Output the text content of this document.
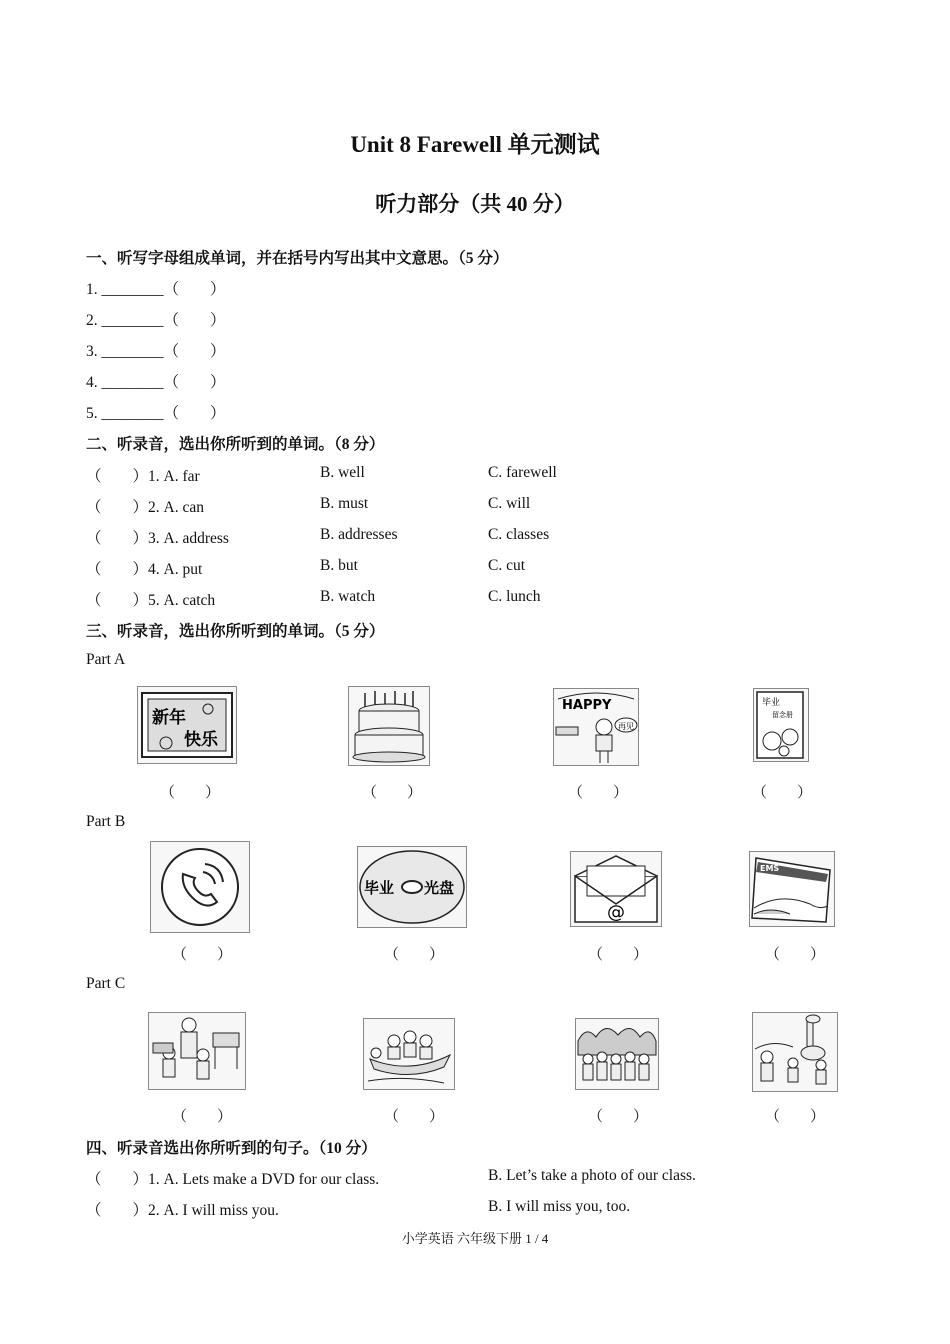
Unit 8 Farewell 单元测试
听力部分（共 40 分）
一、听写字母组成单词，并在括号内写出其中文意思。（5 分）
1. ________（　　）
2. ________（　　）
3. ________（　　）
4. ________（　　）
5. ________（　　）
二、听录音，选出你所听到的单词。（8 分）
（　　）1. A. far	B. well	C. farewell
（　　）2. A. can	B. must	C. will
（　　）3. A. address	B. addresses	C. classes
（　　）4. A. put	B. but	C. cut
（　　）5. A. catch	B. watch	C. lunch
三、听录音，选出你所听到的单词。（5 分）
Part A
新年
快乐
HAPPY
再见
毕业
留念册
（　　）	（　　）	（　　）	（　　）
Part B
毕业 光盘
@
EMS
（　　）	（　　）	（　　）	（　　）
Part C
（　　）	（　　）	（　　）	（　　）
四、听录音选出你所听到的句子。（10 分）
（　　）1. A. Lets make a DVD for our class.	B. Let’s take a photo of our class.
（　　）2. A. I will miss you.	B. I will miss you, too.
小学英语 六年级下册 1 / 4
